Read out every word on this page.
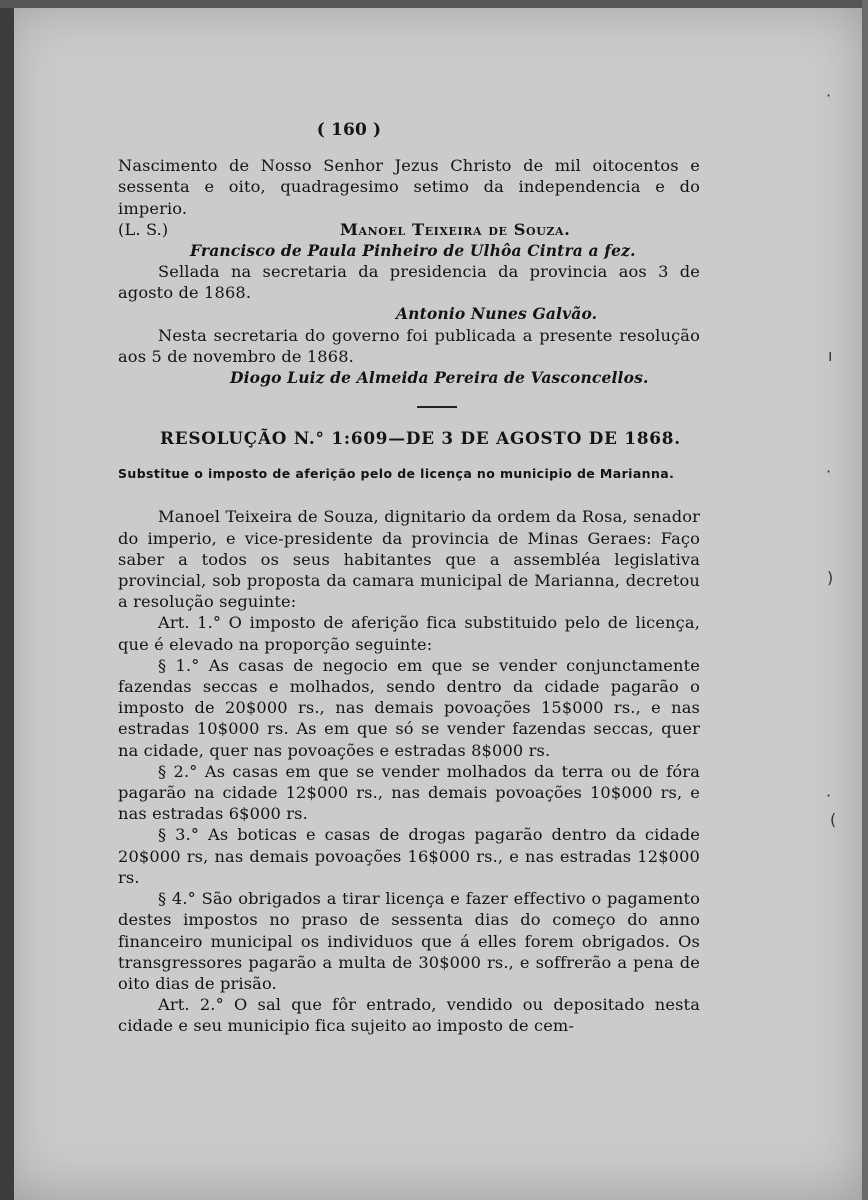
·
·
·
)
(
ı
( 160 )

Nascimento de Nosso Senhor Jezus Christo de mil oitocentos e sessenta e oito, quadragesimo setimo da independencia e do imperio.

(L. S.)	Manoel Teixeira de Souza.
Francisco de Paula Pinheiro de Ulhôa Cintra a fez.

Sellada na secretaria da presidencia da provincia aos 3 de agosto de 1868.

Antonio Nunes Galvão.

Nesta secretaria do governo foi publicada a presente resolução aos 5 de novembro de 1868.

Diogo Luiz de Almeida Pereira de Vasconcellos.
RESOLUÇÃO N.° 1:609—DE 3 DE AGOSTO DE 1868.
Substitue o imposto de aferição pelo de licença no municipio de Marianna.

Manoel Teixeira de Souza, dignitario da ordem da Rosa, senador do imperio, e vice-presidente da provincia de Minas Geraes: Faço saber a todos os seus habitantes que a assembléa legislativa provincial, sob proposta da camara municipal de Marianna, decretou a resolução seguinte:

Art. 1.° O imposto de aferição fica substituido pelo de licença, que é elevado na proporção seguinte:

§ 1.° As casas de negocio em que se vender conjunctamente fazendas seccas e molhados, sendo dentro da cidade pagarão o imposto de 20$000 rs., nas demais povoações 15$000 rs., e nas estradas 10$000 rs. As em que só se vender fazendas seccas, quer na cidade, quer nas povoações e estradas 8$000 rs.

§ 2.° As casas em que se vender molhados da terra ou de fóra pagarão na cidade 12$000 rs., nas demais povoações 10$000 rs, e nas estradas 6$000 rs.

§ 3.° As boticas e casas de drogas pagarão dentro da cidade 20$000 rs, nas demais povoações 16$000 rs., e nas estradas 12$000 rs.

§ 4.° São obrigados a tirar licença e fazer effectivo o pagamento destes impostos no praso de sessenta dias do começo do anno financeiro municipal os individuos que á elles forem obrigados. Os transgressores pagarão a multa de 30$000 rs., e soffrerão a pena de oito dias de prisão.

Art. 2.° O sal que fôr entrado, vendido ou depositado nesta cidade e seu municipio fica sujeito ao imposto de cem-
